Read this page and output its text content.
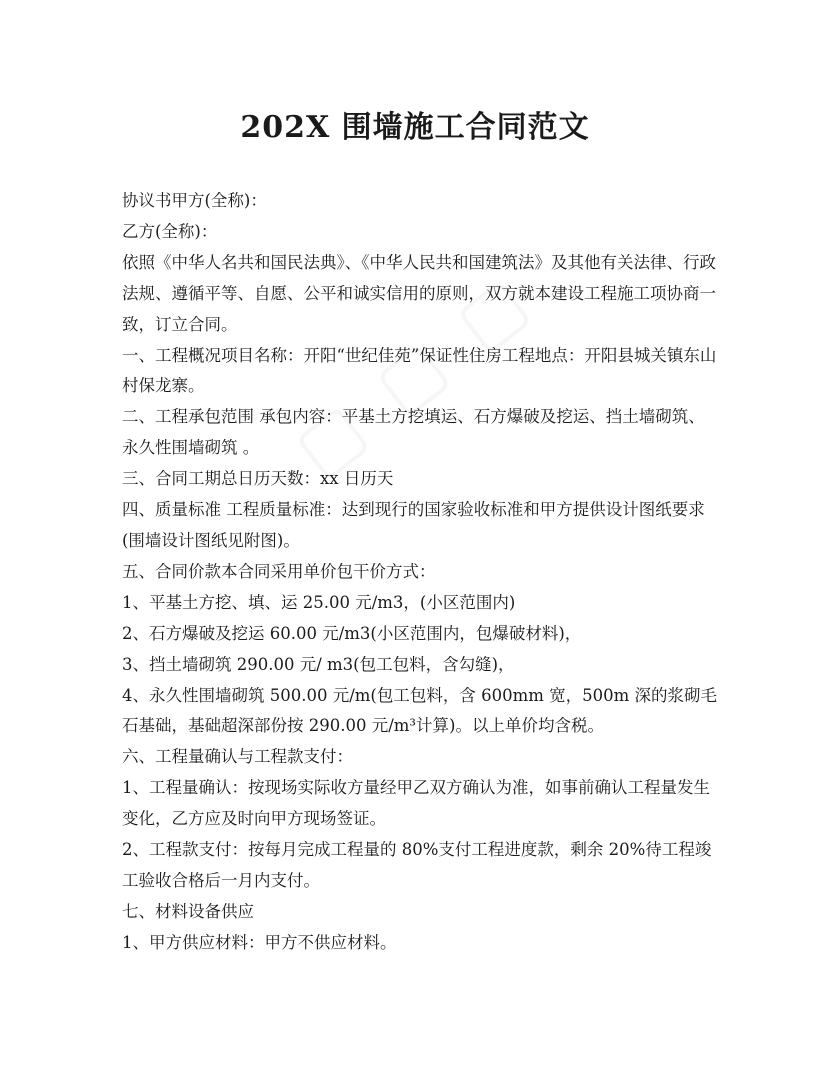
202X 围墙施工合同范文

协议书甲方(全称)：

乙方(全称)：

依照《中华人名共和国民法典》、《中华人民共和国建筑法》及其他有关法律、行政法规、遵循平等、自愿、公平和诚实信用的原则，双方就本建设工程施工项协商一致，订立合同。

一、工程概况项目名称：开阳“世纪佳苑”保证性住房工程地点：开阳县城关镇东山村保龙寨。

二、工程承包范围 承包内容：平基土方挖填运、石方爆破及挖运、挡土墙砌筑、永久性围墙砌筑 。

三、合同工期总日历天数：xx 日历天

四、质量标准 工程质量标准：达到现行的国家验收标准和甲方提供设计图纸要求(围墙设计图纸见附图)。

五、合同价款本合同采用单价包干价方式：

1、平基土方挖、填、运 25.00 元/m3，(小区范围内)

2、石方爆破及挖运 60.00 元/m3(小区范围内，包爆破材料)，

3、挡土墙砌筑 290.00 元/ m3(包工包料，含勾缝)，

4、永久性围墙砌筑 500.00 元/m(包工包料，含 600mm 宽，500m 深的浆砌毛石基础，基础超深部份按 290.00 元/m³计算)。以上单价均含税。

六、工程量确认与工程款支付：

1、工程量确认：按现场实际收方量经甲乙双方确认为准，如事前确认工程量发生变化，乙方应及时向甲方现场签证。

2、工程款支付：按每月完成工程量的 80%支付工程进度款，剩余 20%待工程竣工验收合格后一月内支付。

七、材料设备供应

1、甲方供应材料：甲方不供应材料。
